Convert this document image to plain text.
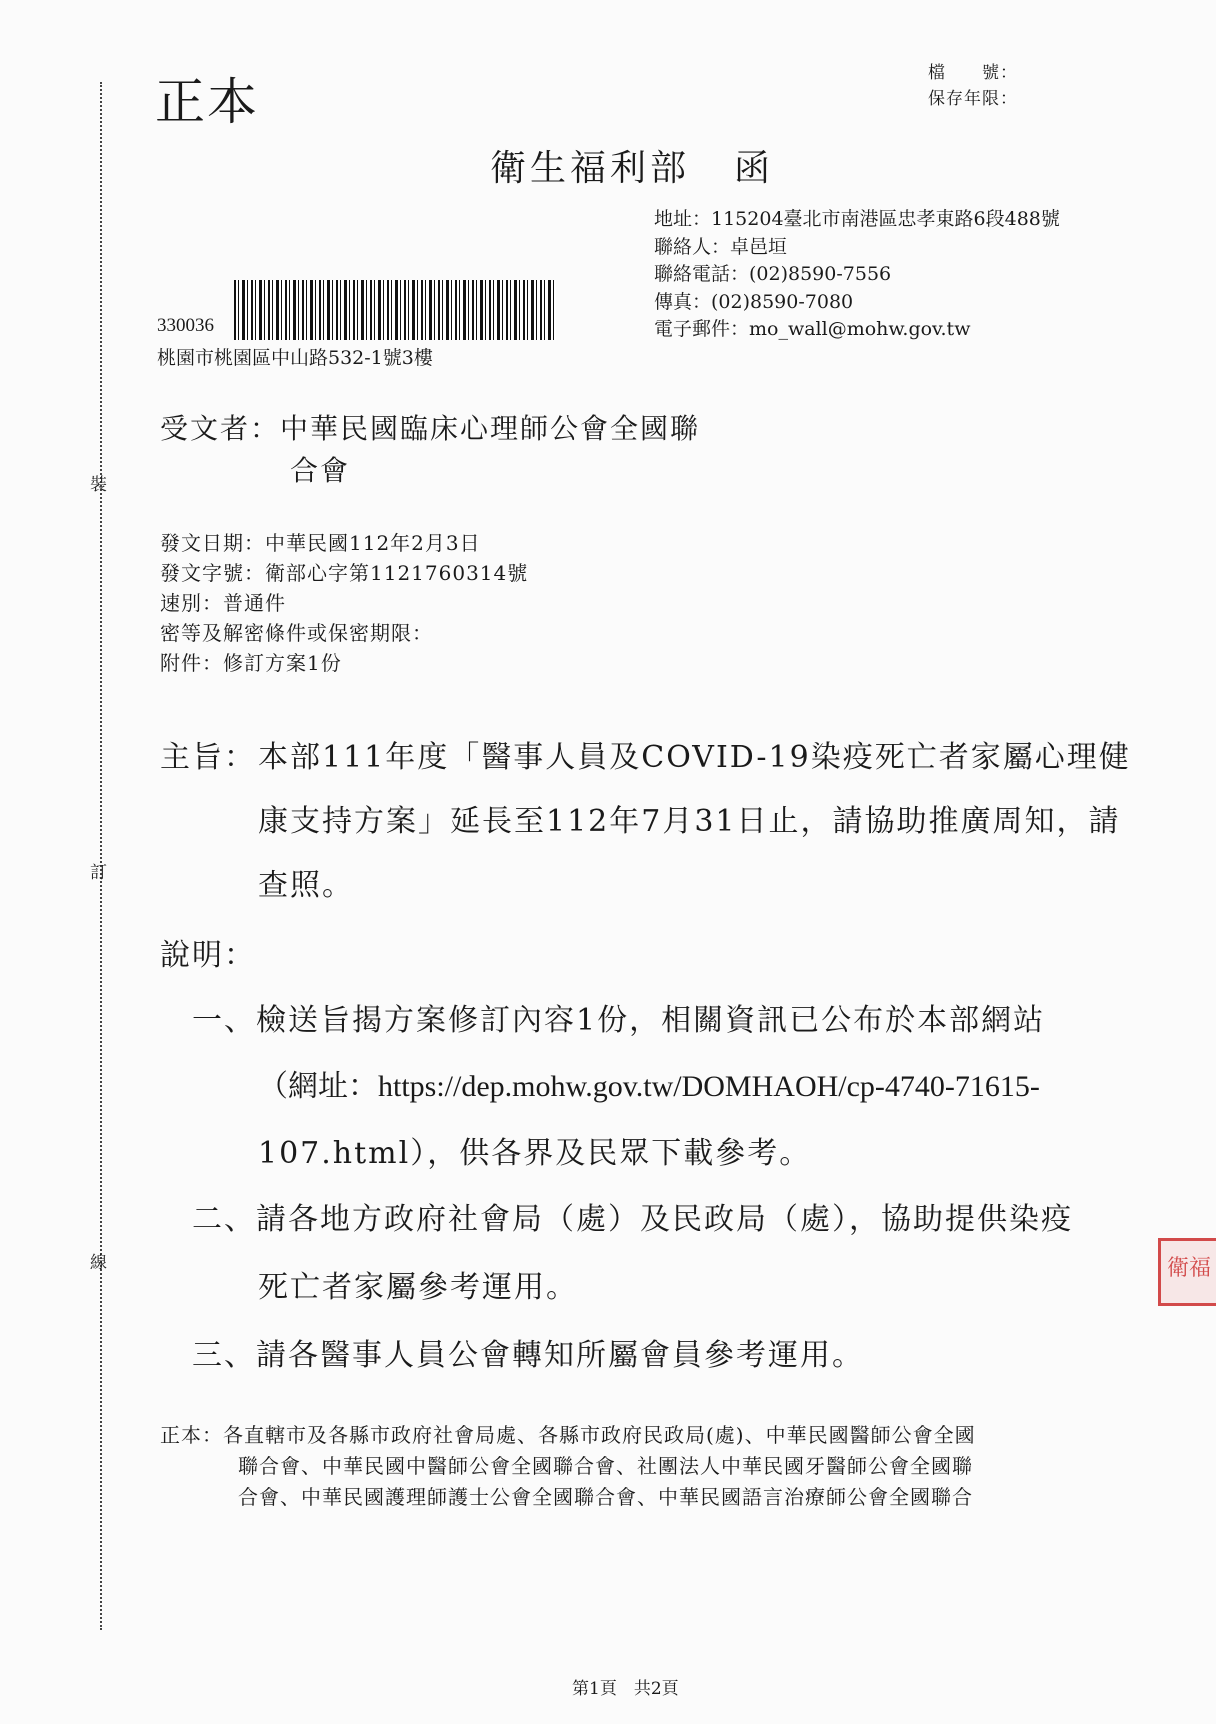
裝
訂
線
正本	檔　　號：
保存年限：
衛生福利部 函
地址：115204臺北市南港區忠孝東路6段488號
聯絡人：卓邑垣
聯絡電話：(02)8590-7556
傳真：(02)8590-7080
電子郵件：mo_wall@mohw.gov.tw
330036
桃園市桃園區中山路532-1號3樓
受文者：中華民國臨床心理師公會全國聯
合會
發文日期：中華民國112年2月3日
發文字號：衛部心字第1121760314號
速別：普通件
密等及解密條件或保密期限：
附件：修訂方案1份
主旨： 本部111年度「醫事人員及COVID-19染疫死亡者家屬心理健
康支持方案」延長至112年7月31日止，請協助推廣周知，請
查照。
說明：
一、檢送旨揭方案修訂內容1份，相關資訊已公布於本部網站
（網址：https://dep.mohw.gov.tw/DOMHAOH/cp-4740-71615-
107.html），供各界及民眾下載參考。
二、請各地方政府社會局（處）及民政局（處），協助提供染疫
死亡者家屬參考運用。
三、請各醫事人員公會轉知所屬會員參考運用。
正本：各直轄市及各縣市政府社會局處、各縣市政府民政局(處)、中華民國醫師公會全國
聯合會、中華民國中醫師公會全國聯合會、社團法人中華民國牙醫師公會全國聯
合會、中華民國護理師護士公會全國聯合會、中華民國語言治療師公會全國聯合
衛福
第1頁　共2頁
